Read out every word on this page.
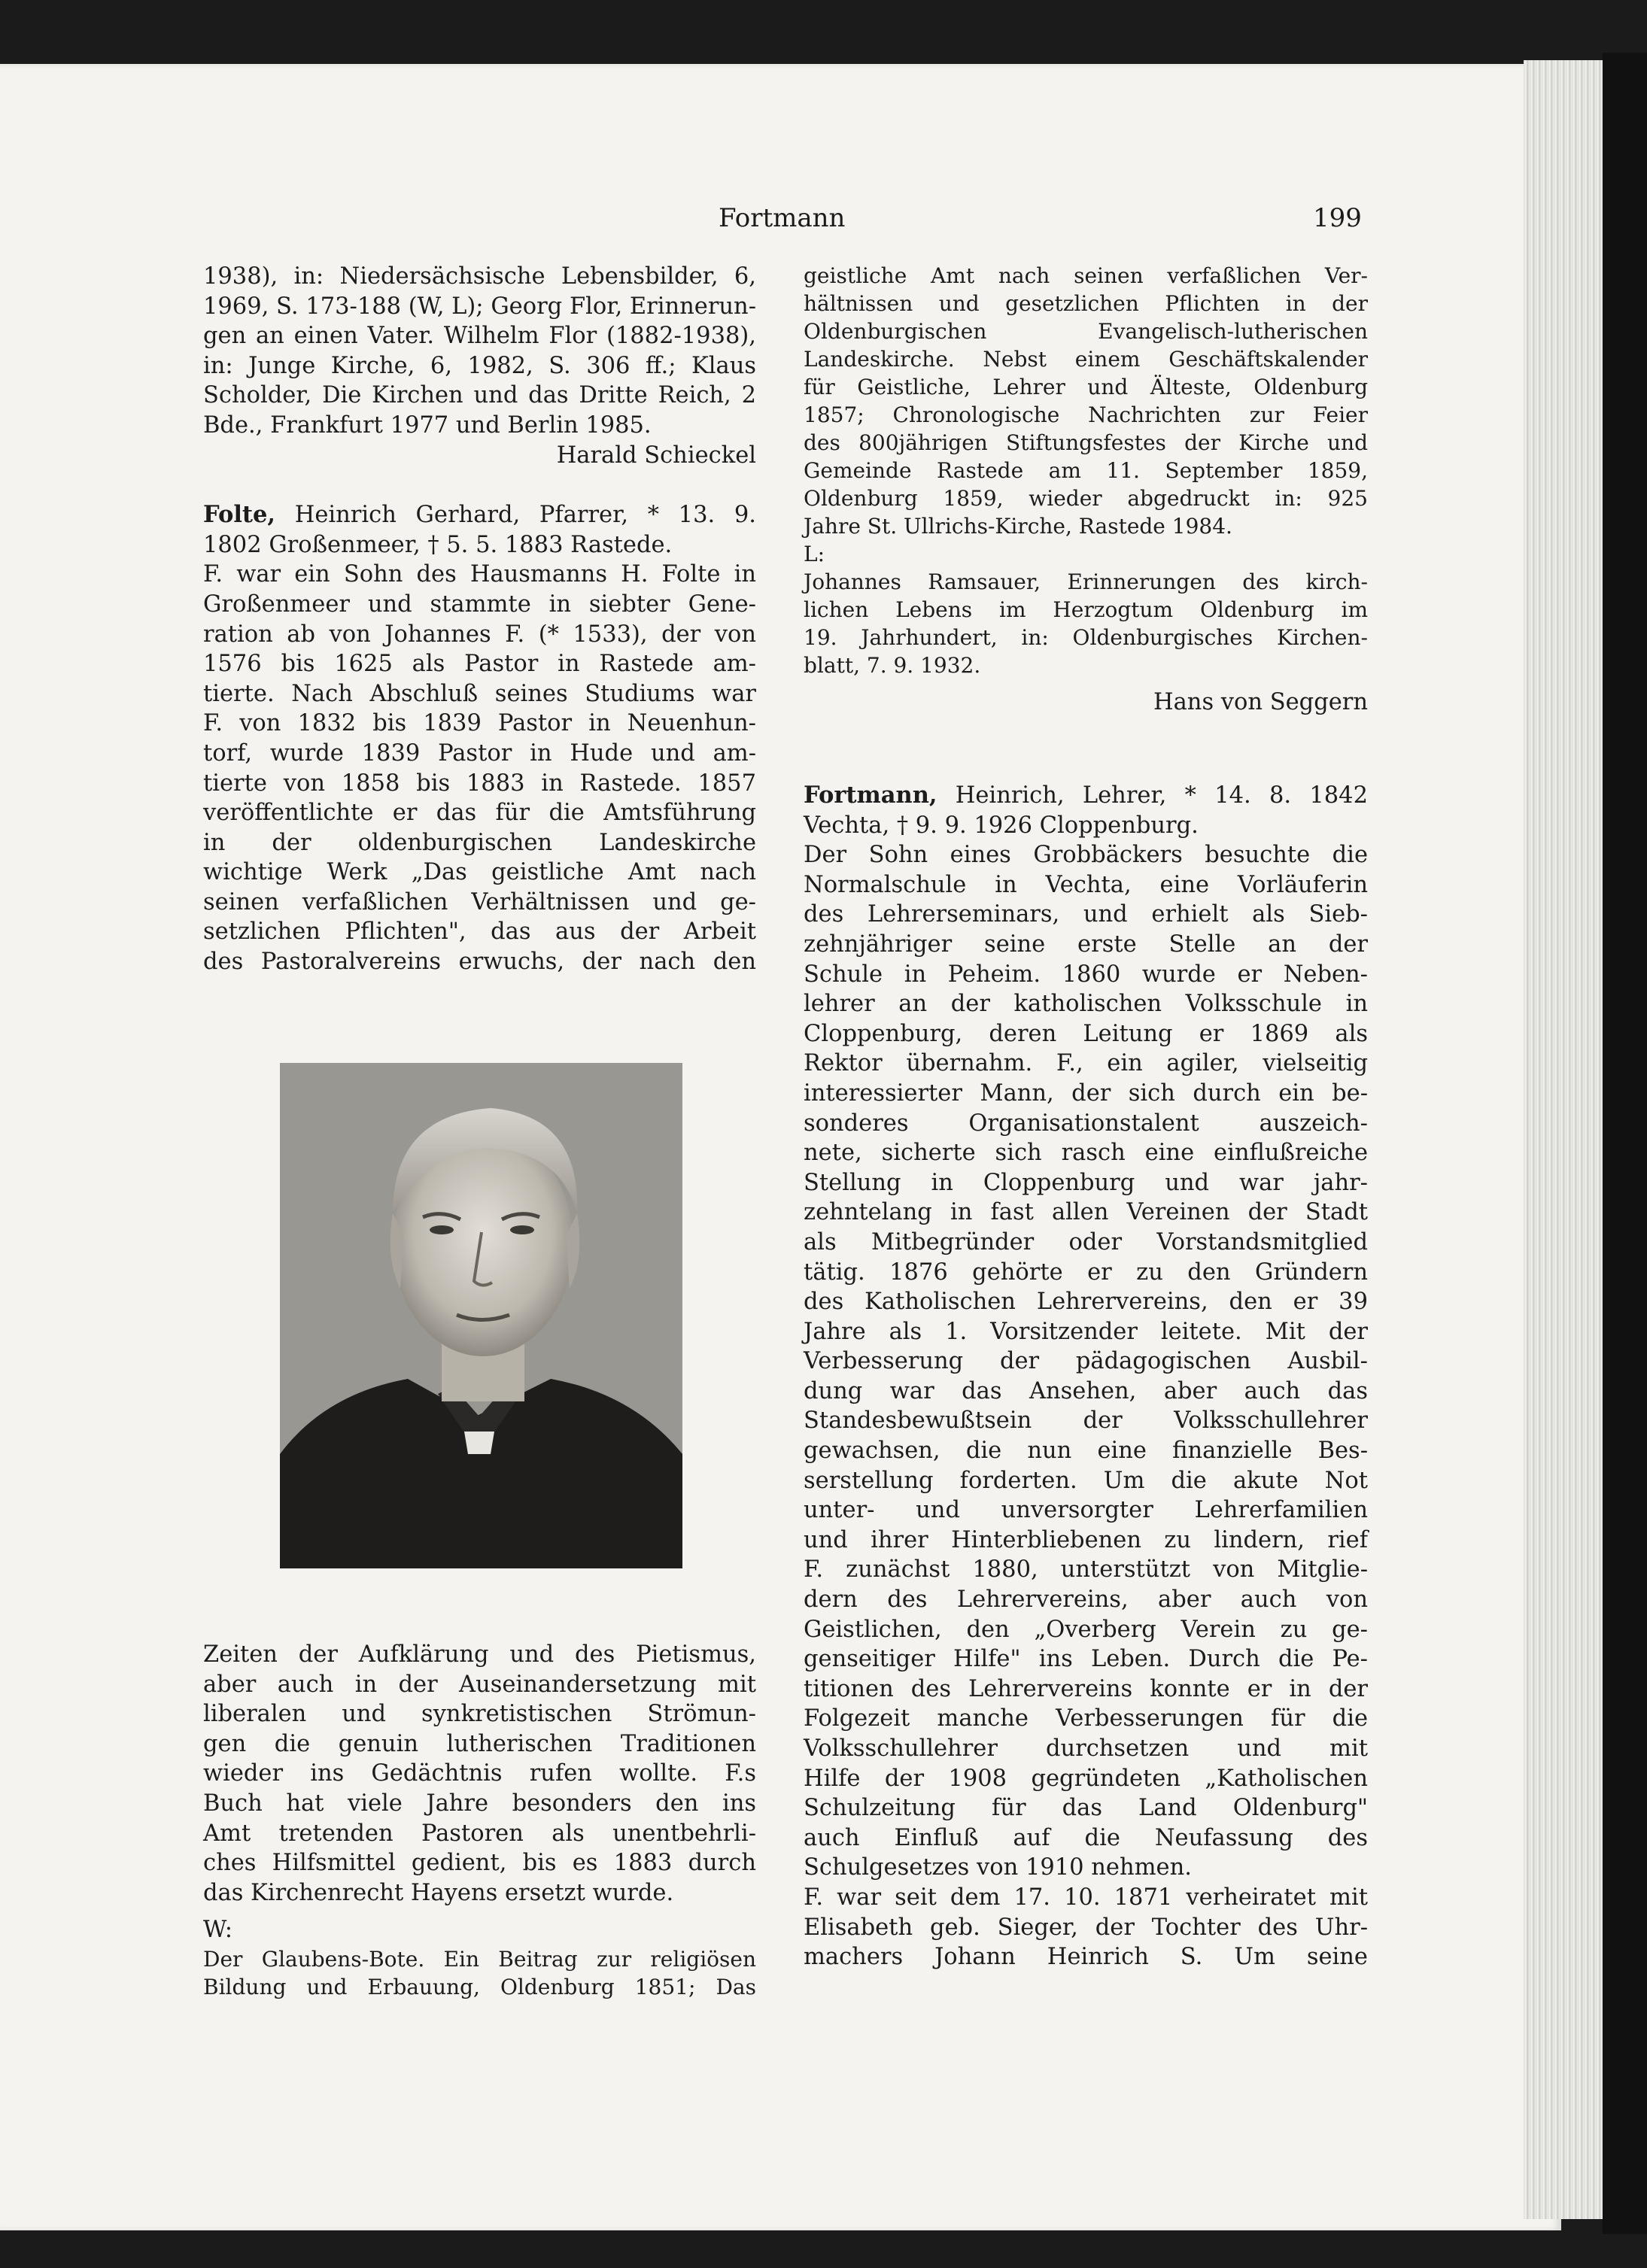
Fortmann	199
1938), in: Niedersächsische Lebensbilder, 6,
1969, S. 173-188 (W, L); Georg Flor, Erinnerun-
gen an einen Vater. Wilhelm Flor (1882-1938),
in: Junge Kirche, 6, 1982, S. 306 ff.; Klaus
Scholder, Die Kirchen und das Dritte Reich, 2
Bde., Frankfurt 1977 und Berlin 1985.
Harald Schieckel
Folte, Heinrich Gerhard, Pfarrer, * 13. 9.
1802 Großenmeer, † 5. 5. 1883 Rastede.
F. war ein Sohn des Hausmanns H. Folte in
Großenmeer und stammte in siebter Gene-
ration ab von Johannes F. (* 1533), der von
1576 bis 1625 als Pastor in Rastede am-
tierte. Nach Abschluß seines Studiums war
F. von 1832 bis 1839 Pastor in Neuenhun-
torf, wurde 1839 Pastor in Hude und am-
tierte von 1858 bis 1883 in Rastede. 1857
veröffentlichte er das für die Amtsführung
in der oldenburgischen Landeskirche
wichtige Werk „Das geistliche Amt nach
seinen verfaßlichen Verhältnissen und ge-
setzlichen Pflichten", das aus der Arbeit
des Pastoralvereins erwuchs, der nach den
Zeiten der Aufklärung und des Pietismus,
aber auch in der Auseinandersetzung mit
liberalen und synkretistischen Strömun-
gen die genuin lutherischen Traditionen
wieder ins Gedächtnis rufen wollte. F.s
Buch hat viele Jahre besonders den ins
Amt tretenden Pastoren als unentbehrli-
ches Hilfsmittel gedient, bis es 1883 durch
das Kirchenrecht Hayens ersetzt wurde.
W:
Der Glaubens-Bote. Ein Beitrag zur religiösen
Bildung und Erbauung, Oldenburg 1851; Das
geistliche Amt nach seinen verfaßlichen Ver-
hältnissen und gesetzlichen Pflichten in der
Oldenburgischen Evangelisch-lutherischen
Landeskirche. Nebst einem Geschäftskalender
für Geistliche, Lehrer und Älteste, Oldenburg
1857; Chronologische Nachrichten zur Feier
des 800jährigen Stiftungsfestes der Kirche und
Gemeinde Rastede am 11. September 1859,
Oldenburg 1859, wieder abgedruckt in: 925
Jahre St. Ullrichs-Kirche, Rastede 1984.
L:
Johannes Ramsauer, Erinnerungen des kirch-
lichen Lebens im Herzogtum Oldenburg im
19. Jahrhundert, in: Oldenburgisches Kirchen-
blatt, 7. 9. 1932.
Hans von Seggern
Fortmann, Heinrich, Lehrer, * 14. 8. 1842
Vechta, † 9. 9. 1926 Cloppenburg.
Der Sohn eines Grobbäckers besuchte die
Normalschule in Vechta, eine Vorläuferin
des Lehrerseminars, und erhielt als Sieb-
zehnjähriger seine erste Stelle an der
Schule in Peheim. 1860 wurde er Neben-
lehrer an der katholischen Volksschule in
Cloppenburg, deren Leitung er 1869 als
Rektor übernahm. F., ein agiler, vielseitig
interessierter Mann, der sich durch ein be-
sonderes Organisationstalent auszeich-
nete, sicherte sich rasch eine einflußreiche
Stellung in Cloppenburg und war jahr-
zehntelang in fast allen Vereinen der Stadt
als Mitbegründer oder Vorstandsmitglied
tätig. 1876 gehörte er zu den Gründern
des Katholischen Lehrervereins, den er 39
Jahre als 1. Vorsitzender leitete. Mit der
Verbesserung der pädagogischen Ausbil-
dung war das Ansehen, aber auch das
Standesbewußtsein der Volksschullehrer
gewachsen, die nun eine finanzielle Bes-
serstellung forderten. Um die akute Not
unter- und unversorgter Lehrerfamilien
und ihrer Hinterbliebenen zu lindern, rief
F. zunächst 1880, unterstützt von Mitglie-
dern des Lehrervereins, aber auch von
Geistlichen, den „Overberg Verein zu ge-
genseitiger Hilfe" ins Leben. Durch die Pe-
titionen des Lehrervereins konnte er in der
Folgezeit manche Verbesserungen für die
Volksschullehrer durchsetzen und mit
Hilfe der 1908 gegründeten „Katholischen
Schulzeitung für das Land Oldenburg"
auch Einfluß auf die Neufassung des
Schulgesetzes von 1910 nehmen.
F. war seit dem 17. 10. 1871 verheiratet mit
Elisabeth geb. Sieger, der Tochter des Uhr-
machers Johann Heinrich S. Um seine
